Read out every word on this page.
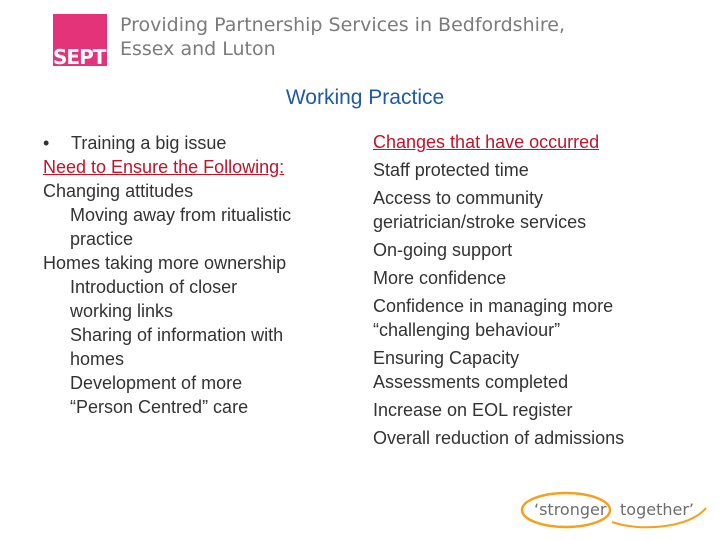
SEPT
Providing Partnership Services in Bedfordshire,
Essex and Luton
Working Practice
• Training a big issue
Need to Ensure the Following:
Changing attitudes
Moving away from ritualistic
practice
Homes taking more ownership
Introduction of closer
working links
Sharing of information with
homes
Development of more
“Person Centred” care
Changes that have occurred
Staff protected time
Access to community
geriatrician/stroke services
On-going support
More confidence
Confidence in managing more
“challenging behaviour”
Ensuring Capacity
Assessments completed
Increase on EOL register
Overall reduction of admissions
‘stronger together’
